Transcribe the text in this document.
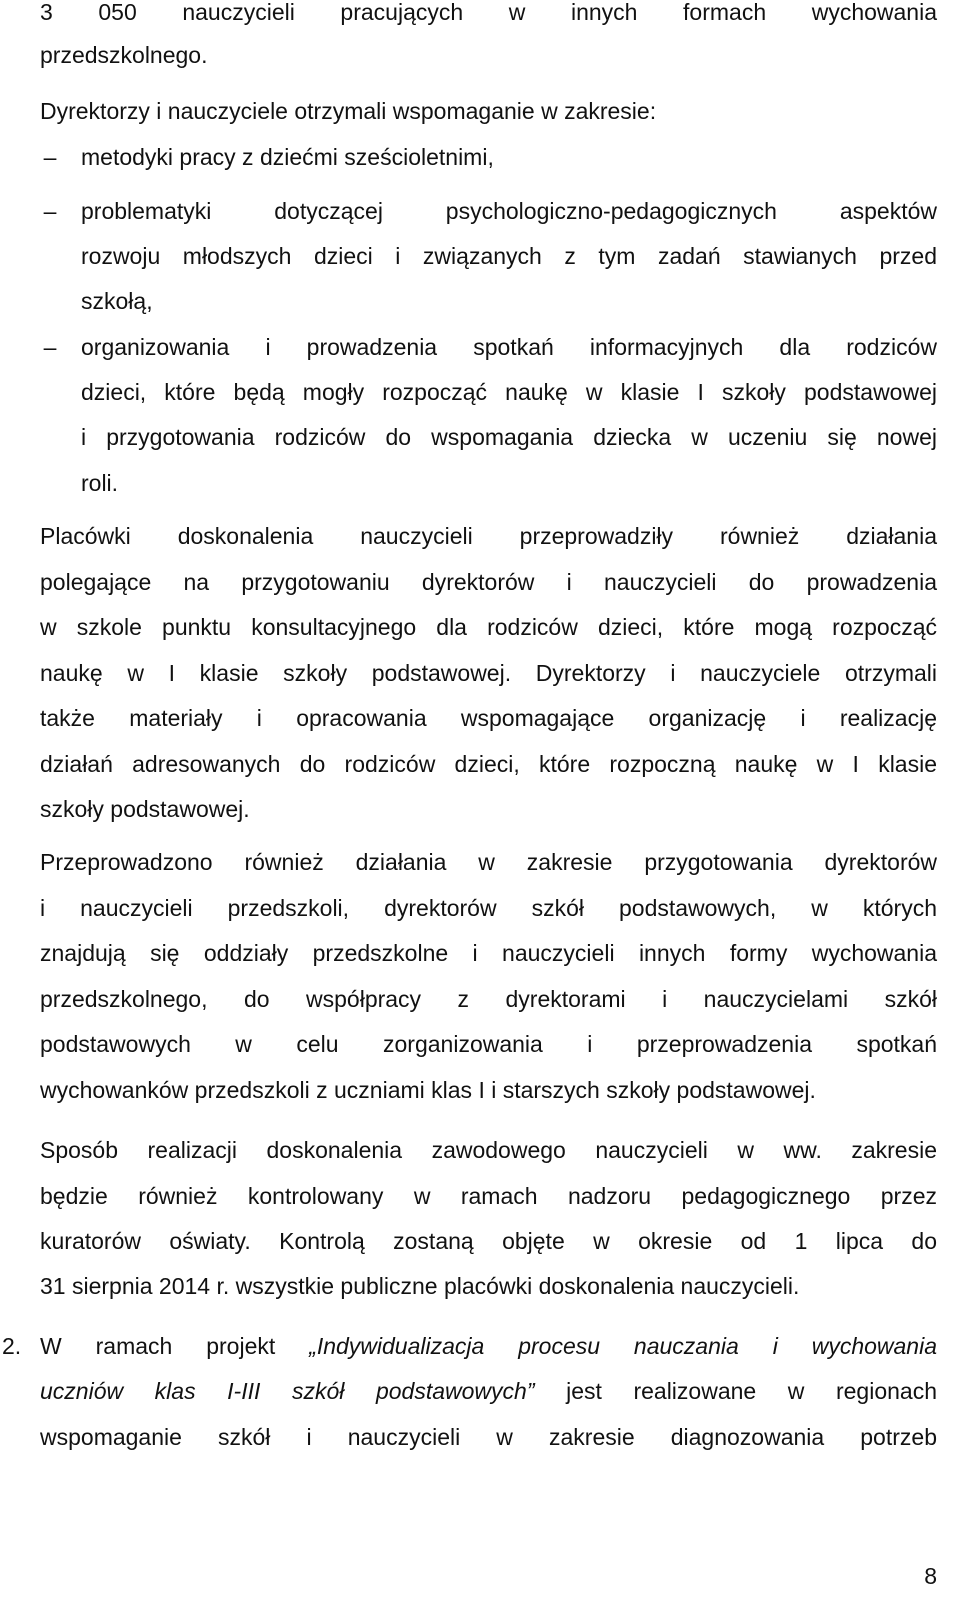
3 050 nauczycieli pracujących w innych formach wychowania
przedszkolnego.
Dyrektorzy i nauczyciele otrzymali wspomaganie w zakresie:
– metodyki pracy z dziećmi sześcioletnimi,
– problematyki dotyczącej psychologiczno-pedagogicznych aspektów
rozwoju młodszych dzieci i związanych z tym zadań stawianych przed
szkołą,
– organizowania i prowadzenia spotkań informacyjnych dla rodziców
dzieci, które będą mogły rozpocząć naukę w klasie I szkoły podstawowej
i przygotowania rodziców do wspomagania dziecka w uczeniu się nowej
roli.
Placówki doskonalenia nauczycieli przeprowadziły również działania
polegające na przygotowaniu dyrektorów i nauczycieli do prowadzenia
w szkole punktu konsultacyjnego dla rodziców dzieci, które mogą rozpocząć
naukę w I klasie szkoły podstawowej. Dyrektorzy i nauczyciele otrzymali
także materiały i opracowania wspomagające organizację i realizację
działań adresowanych do rodziców dzieci, które rozpoczną naukę w I klasie
szkoły podstawowej.
Przeprowadzono również działania w zakresie przygotowania dyrektorów
i nauczycieli przedszkoli, dyrektorów szkół podstawowych, w których
znajdują się oddziały przedszkolne i nauczycieli innych formy wychowania
przedszkolnego, do współpracy z dyrektorami i nauczycielami szkół
podstawowych w celu zorganizowania i przeprowadzenia spotkań
wychowanków przedszkoli z uczniami klas I i starszych szkoły podstawowej.
Sposób realizacji doskonalenia zawodowego nauczycieli w ww. zakresie
będzie również kontrolowany w ramach nadzoru pedagogicznego przez
kuratorów oświaty. Kontrolą zostaną objęte w okresie od 1 lipca do
31 sierpnia 2014 r. wszystkie publiczne placówki doskonalenia nauczycieli.
2. W ramach projekt „Indywidualizacja procesu nauczania i wychowania
uczniów klas I-III szkół podstawowych” jest realizowane w regionach
wspomaganie szkół i nauczycieli w zakresie diagnozowania potrzeb
8
